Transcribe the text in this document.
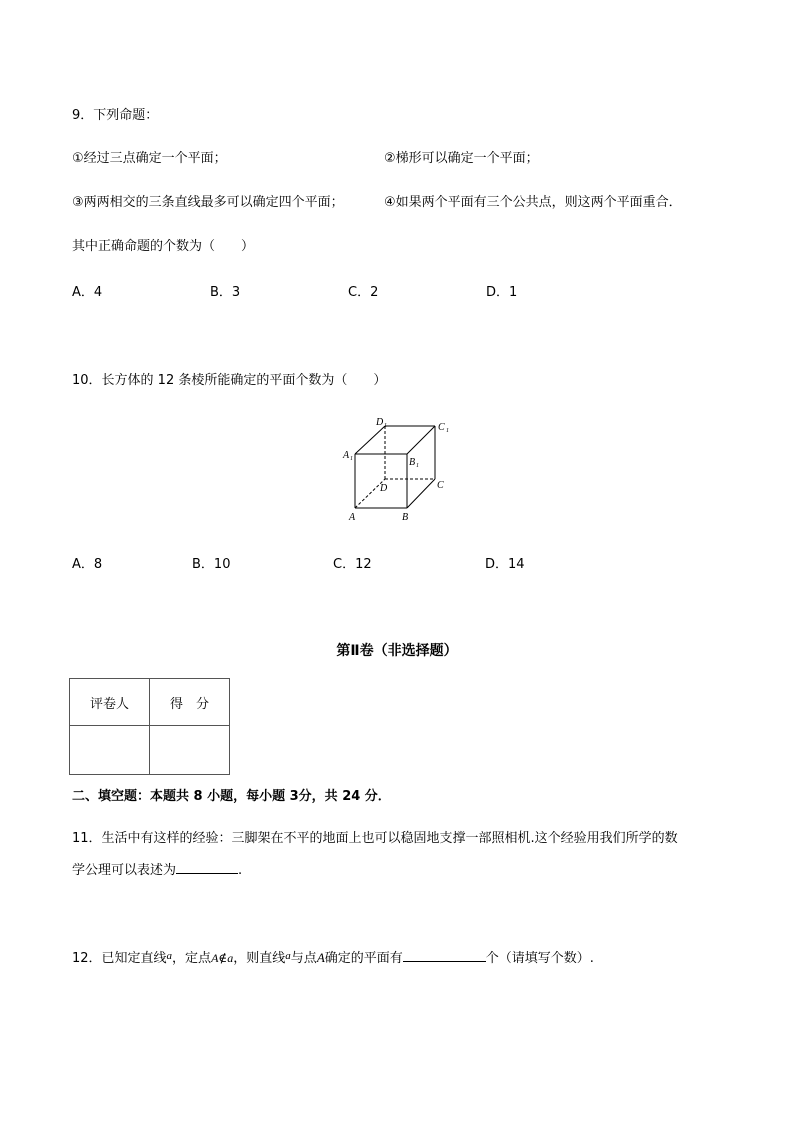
9．下列命题：
①经过三点确定一个平面；	②梯形可以确定一个平面；
③两两相交的三条直线最多可以确定四个平面；	④如果两个平面有三个公共点，则这两个平面重合．
其中正确命题的个数为（　　）
A．4	B．3	C．2	D．1
10．长方体的 12 条棱所能确定的平面个数为（　　）
D 1	C 1
A 1	B 1
D	C
A	B
A．8	B．10	C．12	D．14
第Ⅱ卷（非选择题）
评卷人	得　分

二、填空题：本题共 8 小题，每小题 3分，共 24 分．
11．生活中有这样的经验：三脚架在不平的地面上也可以稳固地支撑一部照相机.这个经验用我们所学的数
学公理可以表述为	.
12．已知定直线$^a$，定点A∉a，则直线$^a$与点A确定的平面有	个（请填写个数）.
